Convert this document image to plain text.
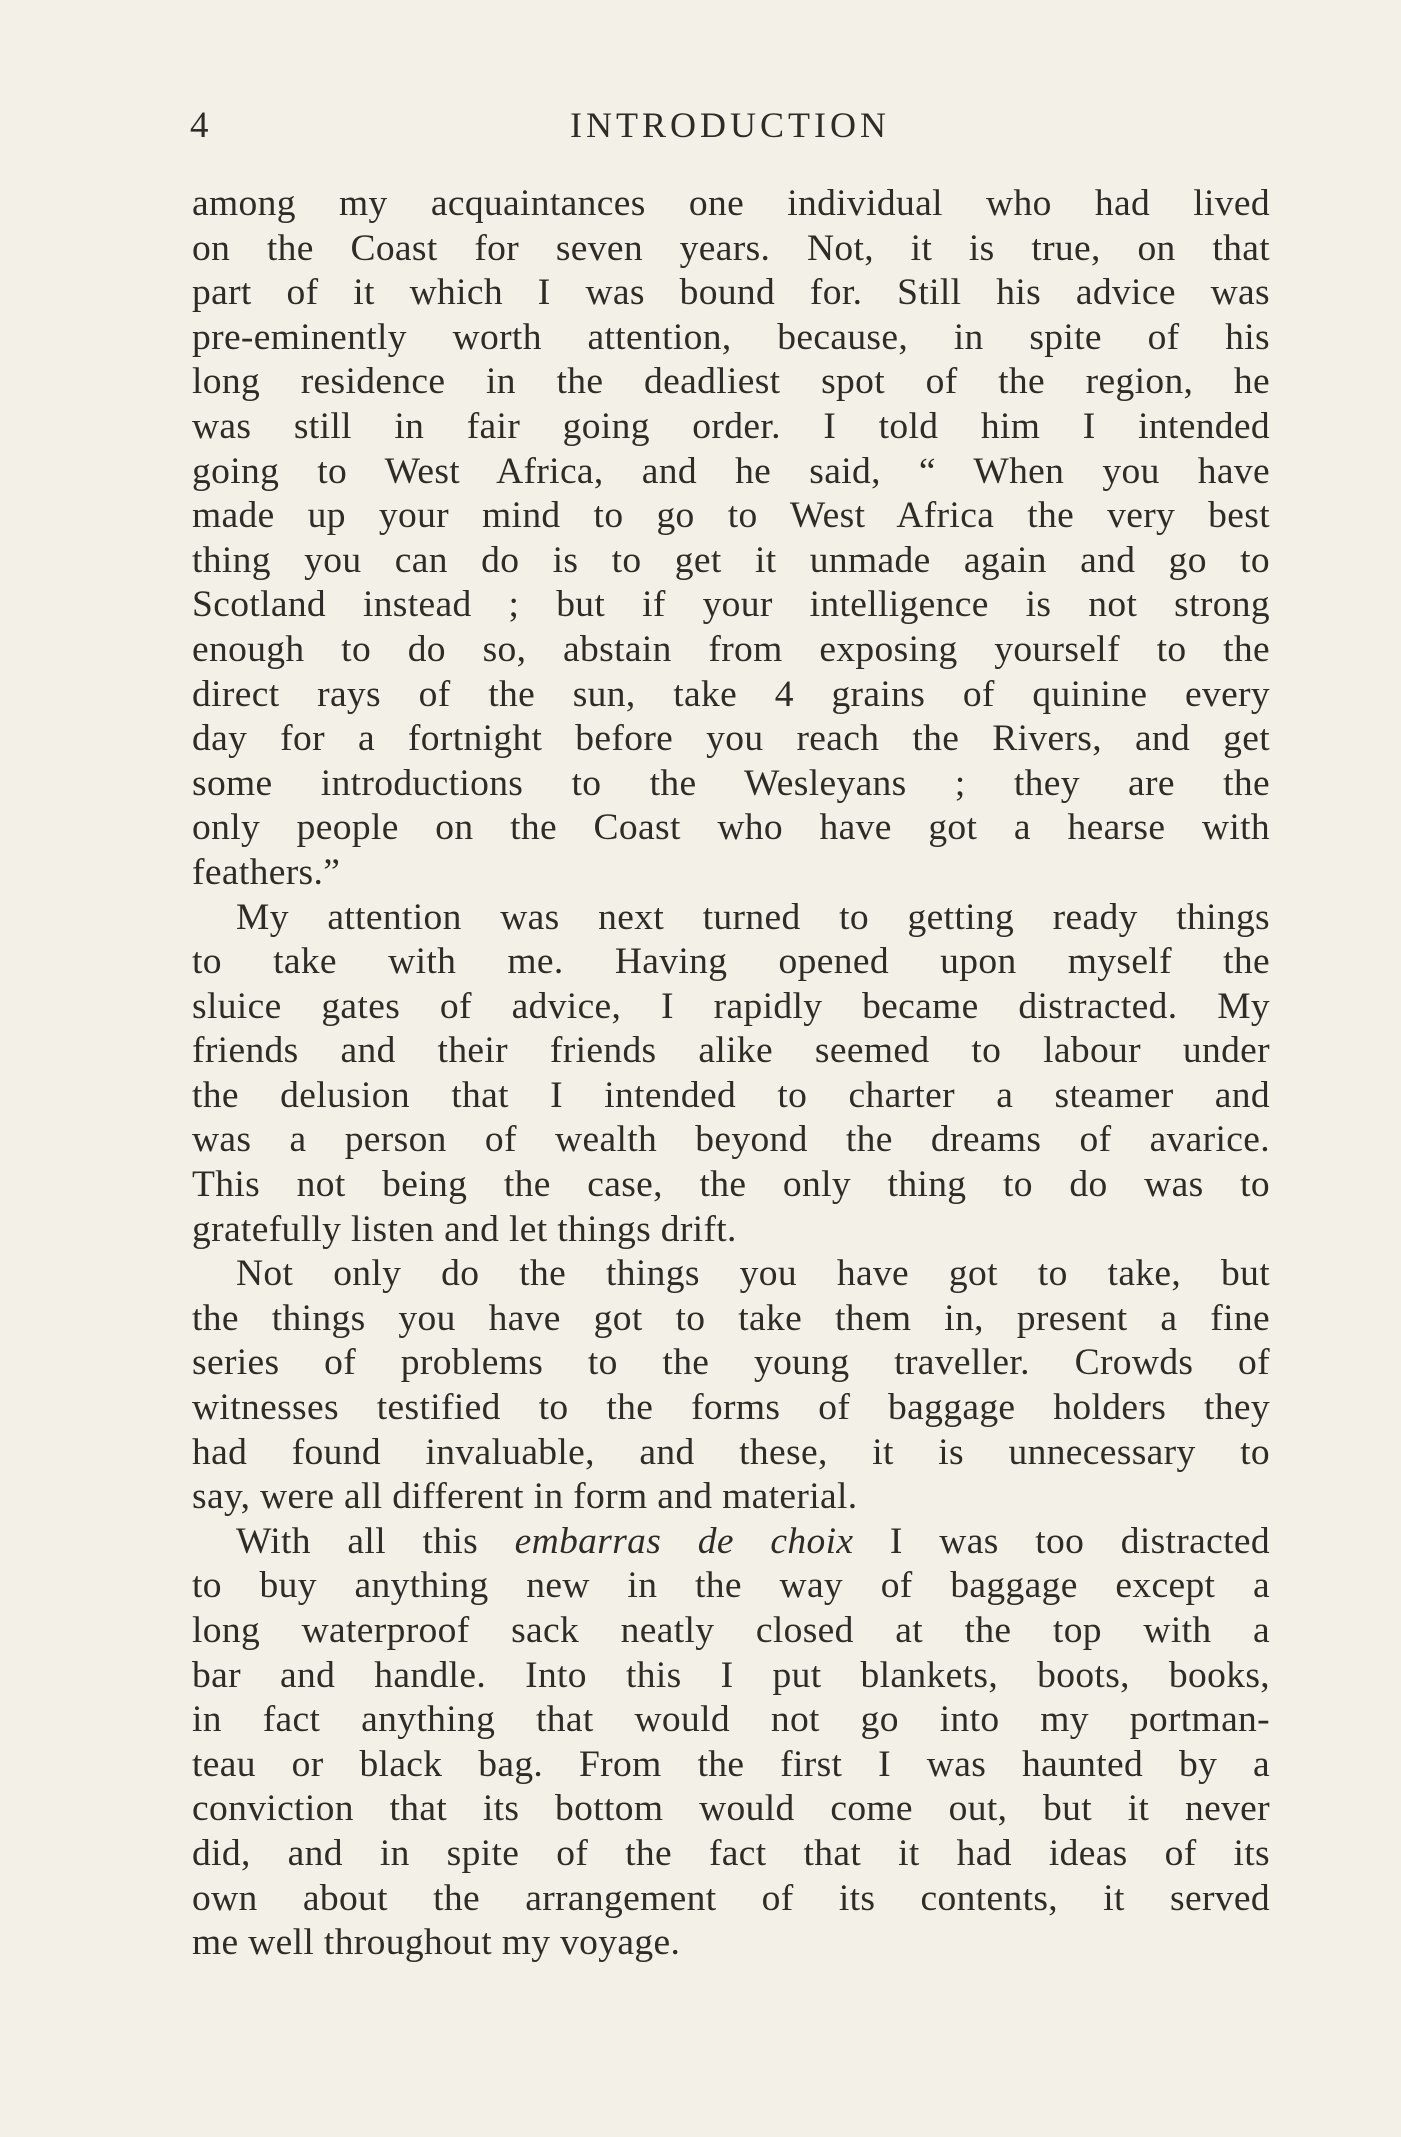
4	INTRODUCTION
among my acquaintances one individual who had lived
on the Coast for seven years. Not, it is true, on that
part of it which I was bound for. Still his advice was
pre-eminently worth attention, because, in spite of his
long residence in the deadliest spot of the region, he
was still in fair going order. I told him I intended
going to West Africa, and he said, “ When you have
made up your mind to go to West Africa the very best
thing you can do is to get it unmade again and go to
Scotland instead ; but if your intelligence is not strong
enough to do so, abstain from exposing yourself to the
direct rays of the sun, take 4 grains of quinine every
day for a fortnight before you reach the Rivers, and get
some introductions to the Wesleyans ; they are the
only people on the Coast who have got a hearse with
feathers.”
My attention was next turned to getting ready things
to take with me. Having opened upon myself the
sluice gates of advice, I rapidly became distracted. My
friends and their friends alike seemed to labour under
the delusion that I intended to charter a steamer and
was a person of wealth beyond the dreams of avarice.
This not being the case, the only thing to do was to
gratefully listen and let things drift.
Not only do the things you have got to take, but
the things you have got to take them in, present a fine
series of problems to the young traveller. Crowds of
witnesses testified to the forms of baggage holders they
had found invaluable, and these, it is unnecessary to
say, were all different in form and material.
With all this embarras de choix I was too distracted
to buy anything new in the way of baggage except a
long waterproof sack neatly closed at the top with a
bar and handle. Into this I put blankets, boots, books,
in fact anything that would not go into my portman-
teau or black bag. From the first I was haunted by a
conviction that its bottom would come out, but it never
did, and in spite of the fact that it had ideas of its
own about the arrangement of its contents, it served
me well throughout my voyage.
